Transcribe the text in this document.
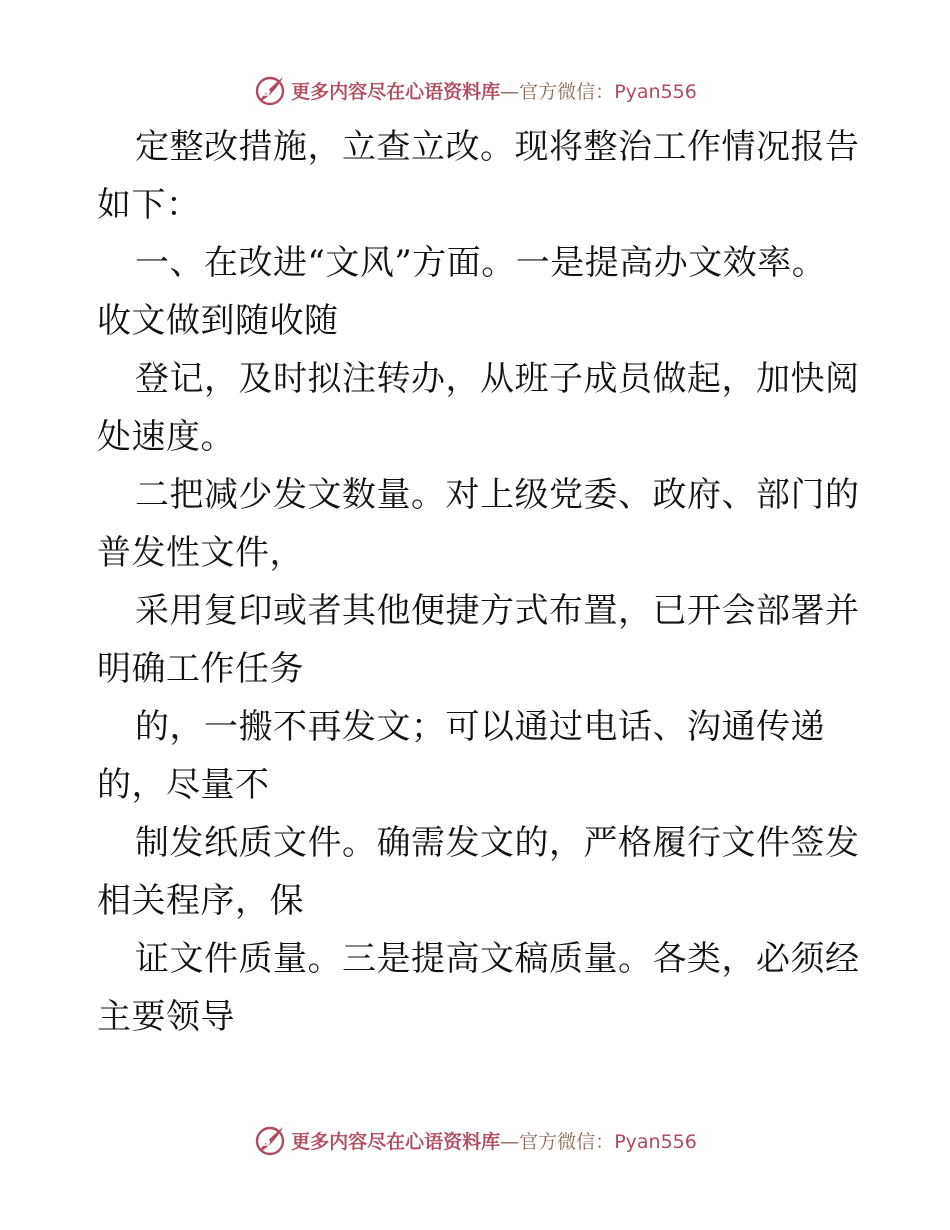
更多内容尽在心语资料库—官方微信：Pyan556
定整改措施，立查立改。现将整治工作情况报告
如下：
一、在改进“文风”方面。一是提高办文效率。
收文做到随收随
登记，及时拟注转办，从班子成员做起，加快阅
处速度。
二把减少发文数量。对上级党委、政府、部门的
普发性文件，
采用复印或者其他便捷方式布置，已开会部署并
明确工作任务
的，一搬不再发文；可以通过电话、沟通传递
的，尽量不
制发纸质文件。确需发文的，严格履行文件签发
相关程序，保
证文件质量。三是提高文稿质量。各类，必须经
主要领导
更多内容尽在心语资料库—官方微信：Pyan556
